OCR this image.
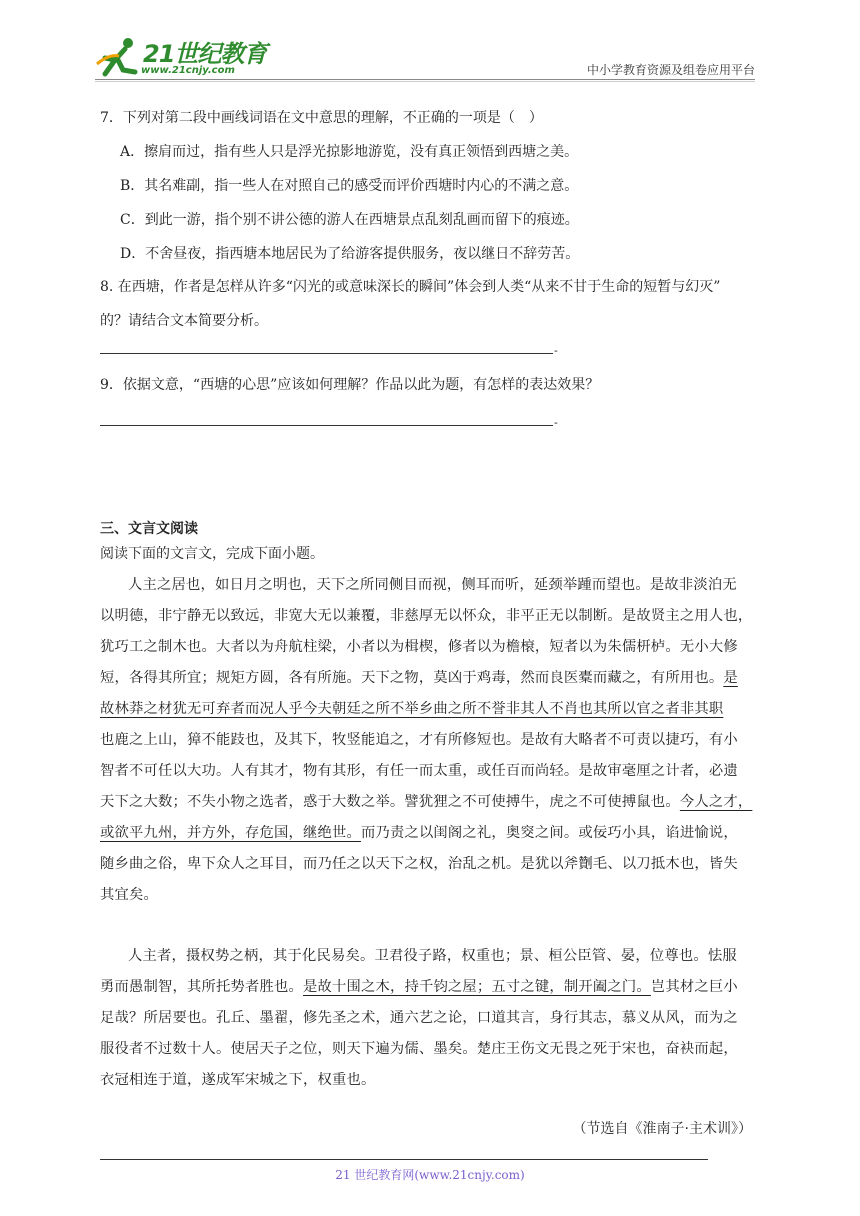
21世纪教育
www.21cnjy.com	中小学教育资源及组卷应用平台
7．下列对第二段中画线词语在文中意思的理解，不正确的一项是（　）
A．擦肩而过，指有些人只是浮光掠影地游览，没有真正领悟到西塘之美。
B．其名难副，指一些人在对照自己的感受而评价西塘时内心的不满之意。
C．到此一游，指个别不讲公德的游人在西塘景点乱刻乱画而留下的痕迹。
D．不舍昼夜，指西塘本地居民为了给游客提供服务，夜以继日不辞劳苦。
8. 在西塘，作者是怎样从许多“闪光的或意味深长的瞬间”体会到人类“从来不甘于生命的短暂与幻灭”
的？请结合文本简要分析。
-
9．依据文意，“西塘的心思”应该如何理解？作品以此为题，有怎样的表达效果？
-
三、文言文阅读
阅读下面的文言文，完成下面小题。
人主之居也，如日月之明也，天下之所同侧目而视，侧耳而听，延颈举踵而望也。是故非淡泊无
以明德，非宁静无以致远，非宽大无以兼覆，非慈厚无以怀众，非平正无以制断。是故贤主之用人也，
犹巧工之制木也。大者以为舟航柱梁，小者以为楫楔，修者以为檐榱，短者以为朱儒枅栌。无小大修
短，各得其所宜；规矩方圆，各有所施。天下之物，莫凶于鸡毒，然而良医橐而藏之，有所用也。是
故林莽之材犹无可弃者而况人乎今夫朝廷之所不举乡曲之所不誉非其人不肖也其所以官之者非其职
也鹿之上山，獐不能跂也，及其下，牧竖能追之，才有所修短也。是故有大略者不可责以捷巧，有小
智者不可任以大功。人有其才，物有其形，有任一而太重，或任百而尚轻。是故审毫厘之计者，必遗
天下之大数；不失小物之选者，惑于大数之举。譬犹狸之不可使搏牛，虎之不可使搏鼠也。今人之才，
或欲平九州，并方外，存危国，继绝世。而乃责之以闺阁之礼，奥窔之间。或佞巧小具，谄进愉说，
随乡曲之俗，卑下众人之耳目，而乃任之以天下之权，治乱之机。是犹以斧劗毛、以刀抵木也，皆失
其宜矣。
人主者，摄权势之柄，其于化民易矣。卫君役子路，权重也；景、桓公臣管、晏，位尊也。怯服
勇而愚制智，其所托势者胜也。是故十围之木，持千钧之屋；五寸之键，制开阖之门。岂其材之巨小
足哉？所居要也。孔丘、墨翟，修先圣之术，通六艺之论，口道其言，身行其志，慕义从风，而为之
服役者不过数十人。使居天子之位，则天下遍为儒、墨矣。楚庄王伤文无畏之死于宋也，奋袂而起，
衣冠相连于道，遂成军宋城之下，权重也。
（节选自《淮南子·主术训》）
21 世纪教育网(www.21cnjy.com)
